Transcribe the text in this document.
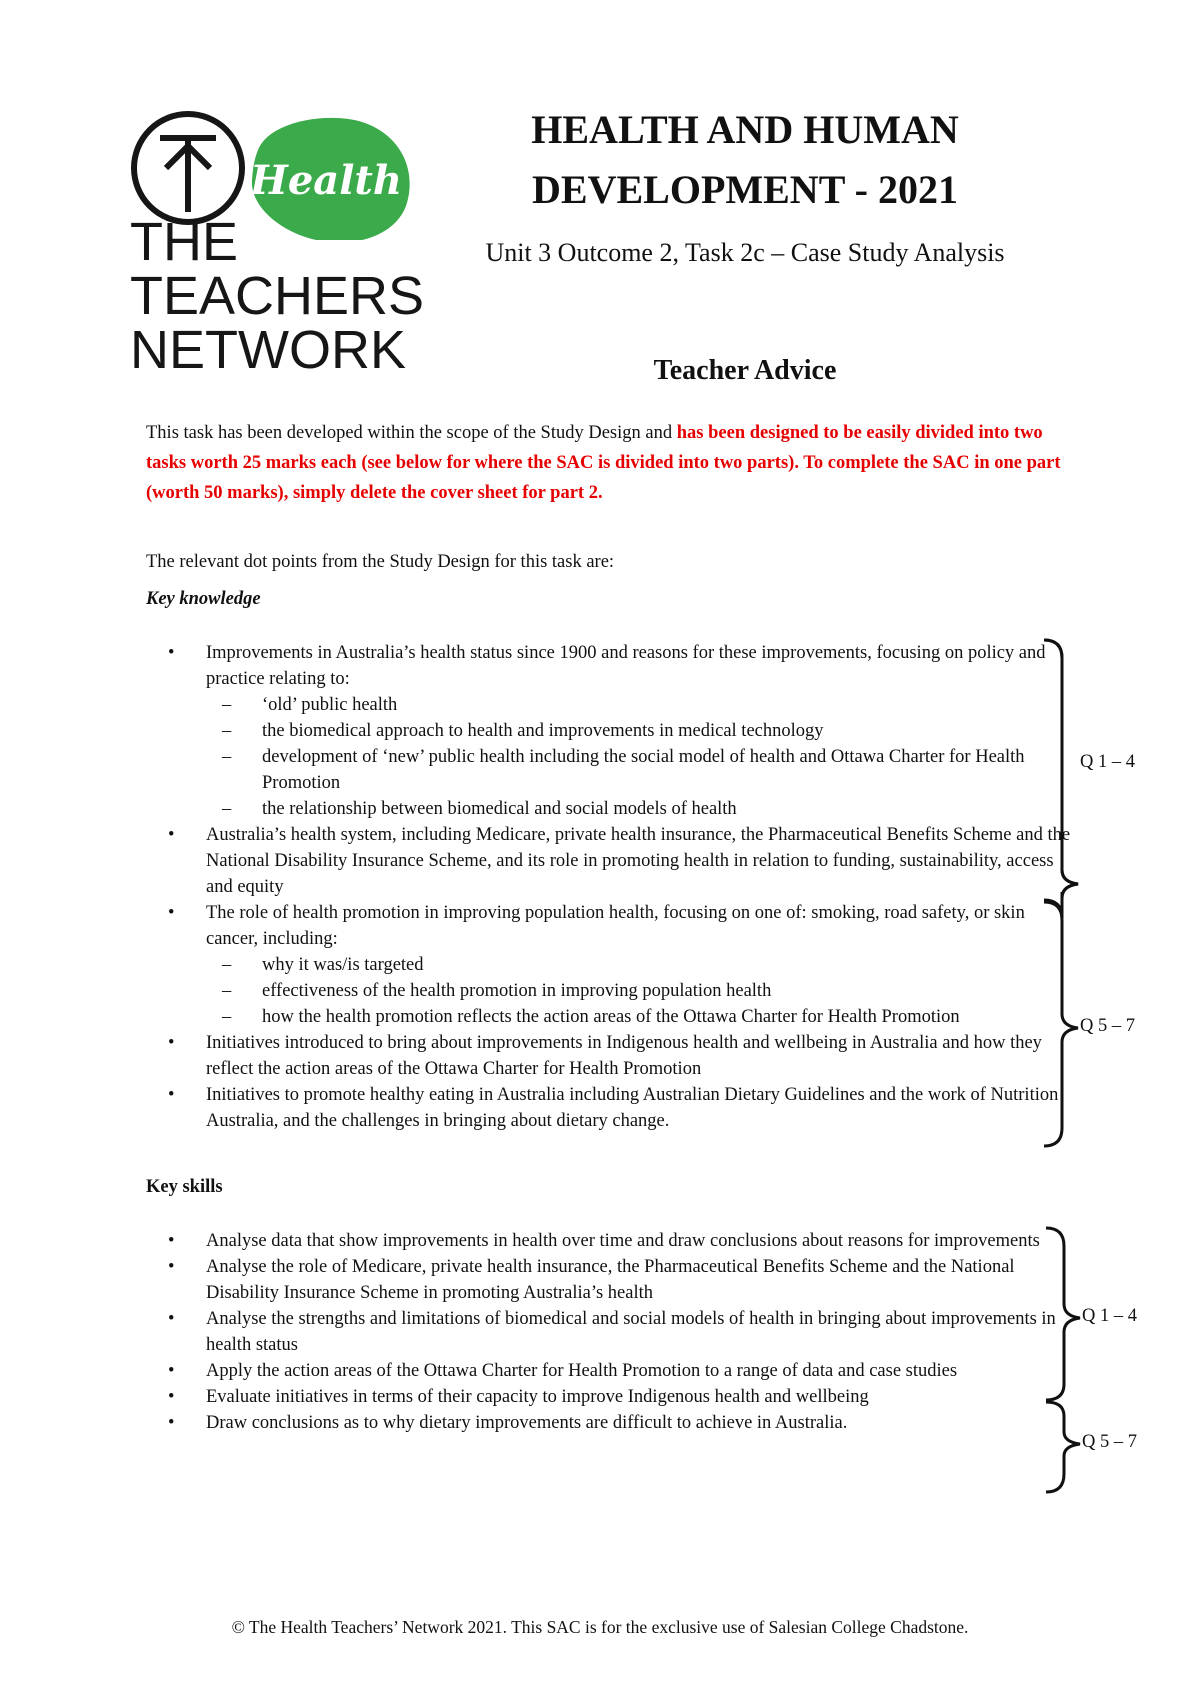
Health
THE
TEACHERS
NETWORK
HEALTH AND HUMAN
DEVELOPMENT - 2021
Unit 3 Outcome 2, Task 2c – Case Study Analysis
Teacher Advice
This task has been developed within the scope of the Study Design and has been designed to be easily divided into two tasks worth 25 marks each (see below for where the SAC is divided into two parts). To complete the SAC in one part (worth 50 marks), simply delete the cover sheet for part 2.
The relevant dot points from the Study Design for this task are:
Key knowledge
• Improvements in Australia’s health status since 1900 and reasons for these improvements, focusing on policy and practice relating to:
– ‘old’ public health
– the biomedical approach to health and improvements in medical technology
– development of ‘new’ public health including the social model of health and Ottawa Charter for Health Promotion
– the relationship between biomedical and social models of health
• Australia’s health system, including Medicare, private health insurance, the Pharmaceutical Benefits Scheme and the National Disability Insurance Scheme, and its role in promoting health in relation to funding, sustainability, access and equity
• The role of health promotion in improving population health, focusing on one of: smoking, road safety, or skin cancer, including:
– why it was/is targeted
– effectiveness of the health promotion in improving population health
– how the health promotion reflects the action areas of the Ottawa Charter for Health Promotion
• Initiatives introduced to bring about improvements in Indigenous health and wellbeing in Australia and how they reflect the action areas of the Ottawa Charter for Health Promotion
• Initiatives to promote healthy eating in Australia including Australian Dietary Guidelines and the work of Nutrition Australia, and the challenges in bringing about dietary change.
Q 1 – 4
Q 5 – 7
Key skills
• Analyse data that show improvements in health over time and draw conclusions about reasons for improvements
• Analyse the role of Medicare, private health insurance, the Pharmaceutical Benefits Scheme and the National Disability Insurance Scheme in promoting Australia’s health
• Analyse the strengths and limitations of biomedical and social models of health in bringing about improvements in health status
• Apply the action areas of the Ottawa Charter for Health Promotion to a range of data and case studies
• Evaluate initiatives in terms of their capacity to improve Indigenous health and wellbeing
• Draw conclusions as to why dietary improvements are difficult to achieve in Australia.
Q 1 – 4
Q 5 – 7
© The Health Teachers’ Network 2021. This SAC is for the exclusive use of Salesian College Chadstone.
